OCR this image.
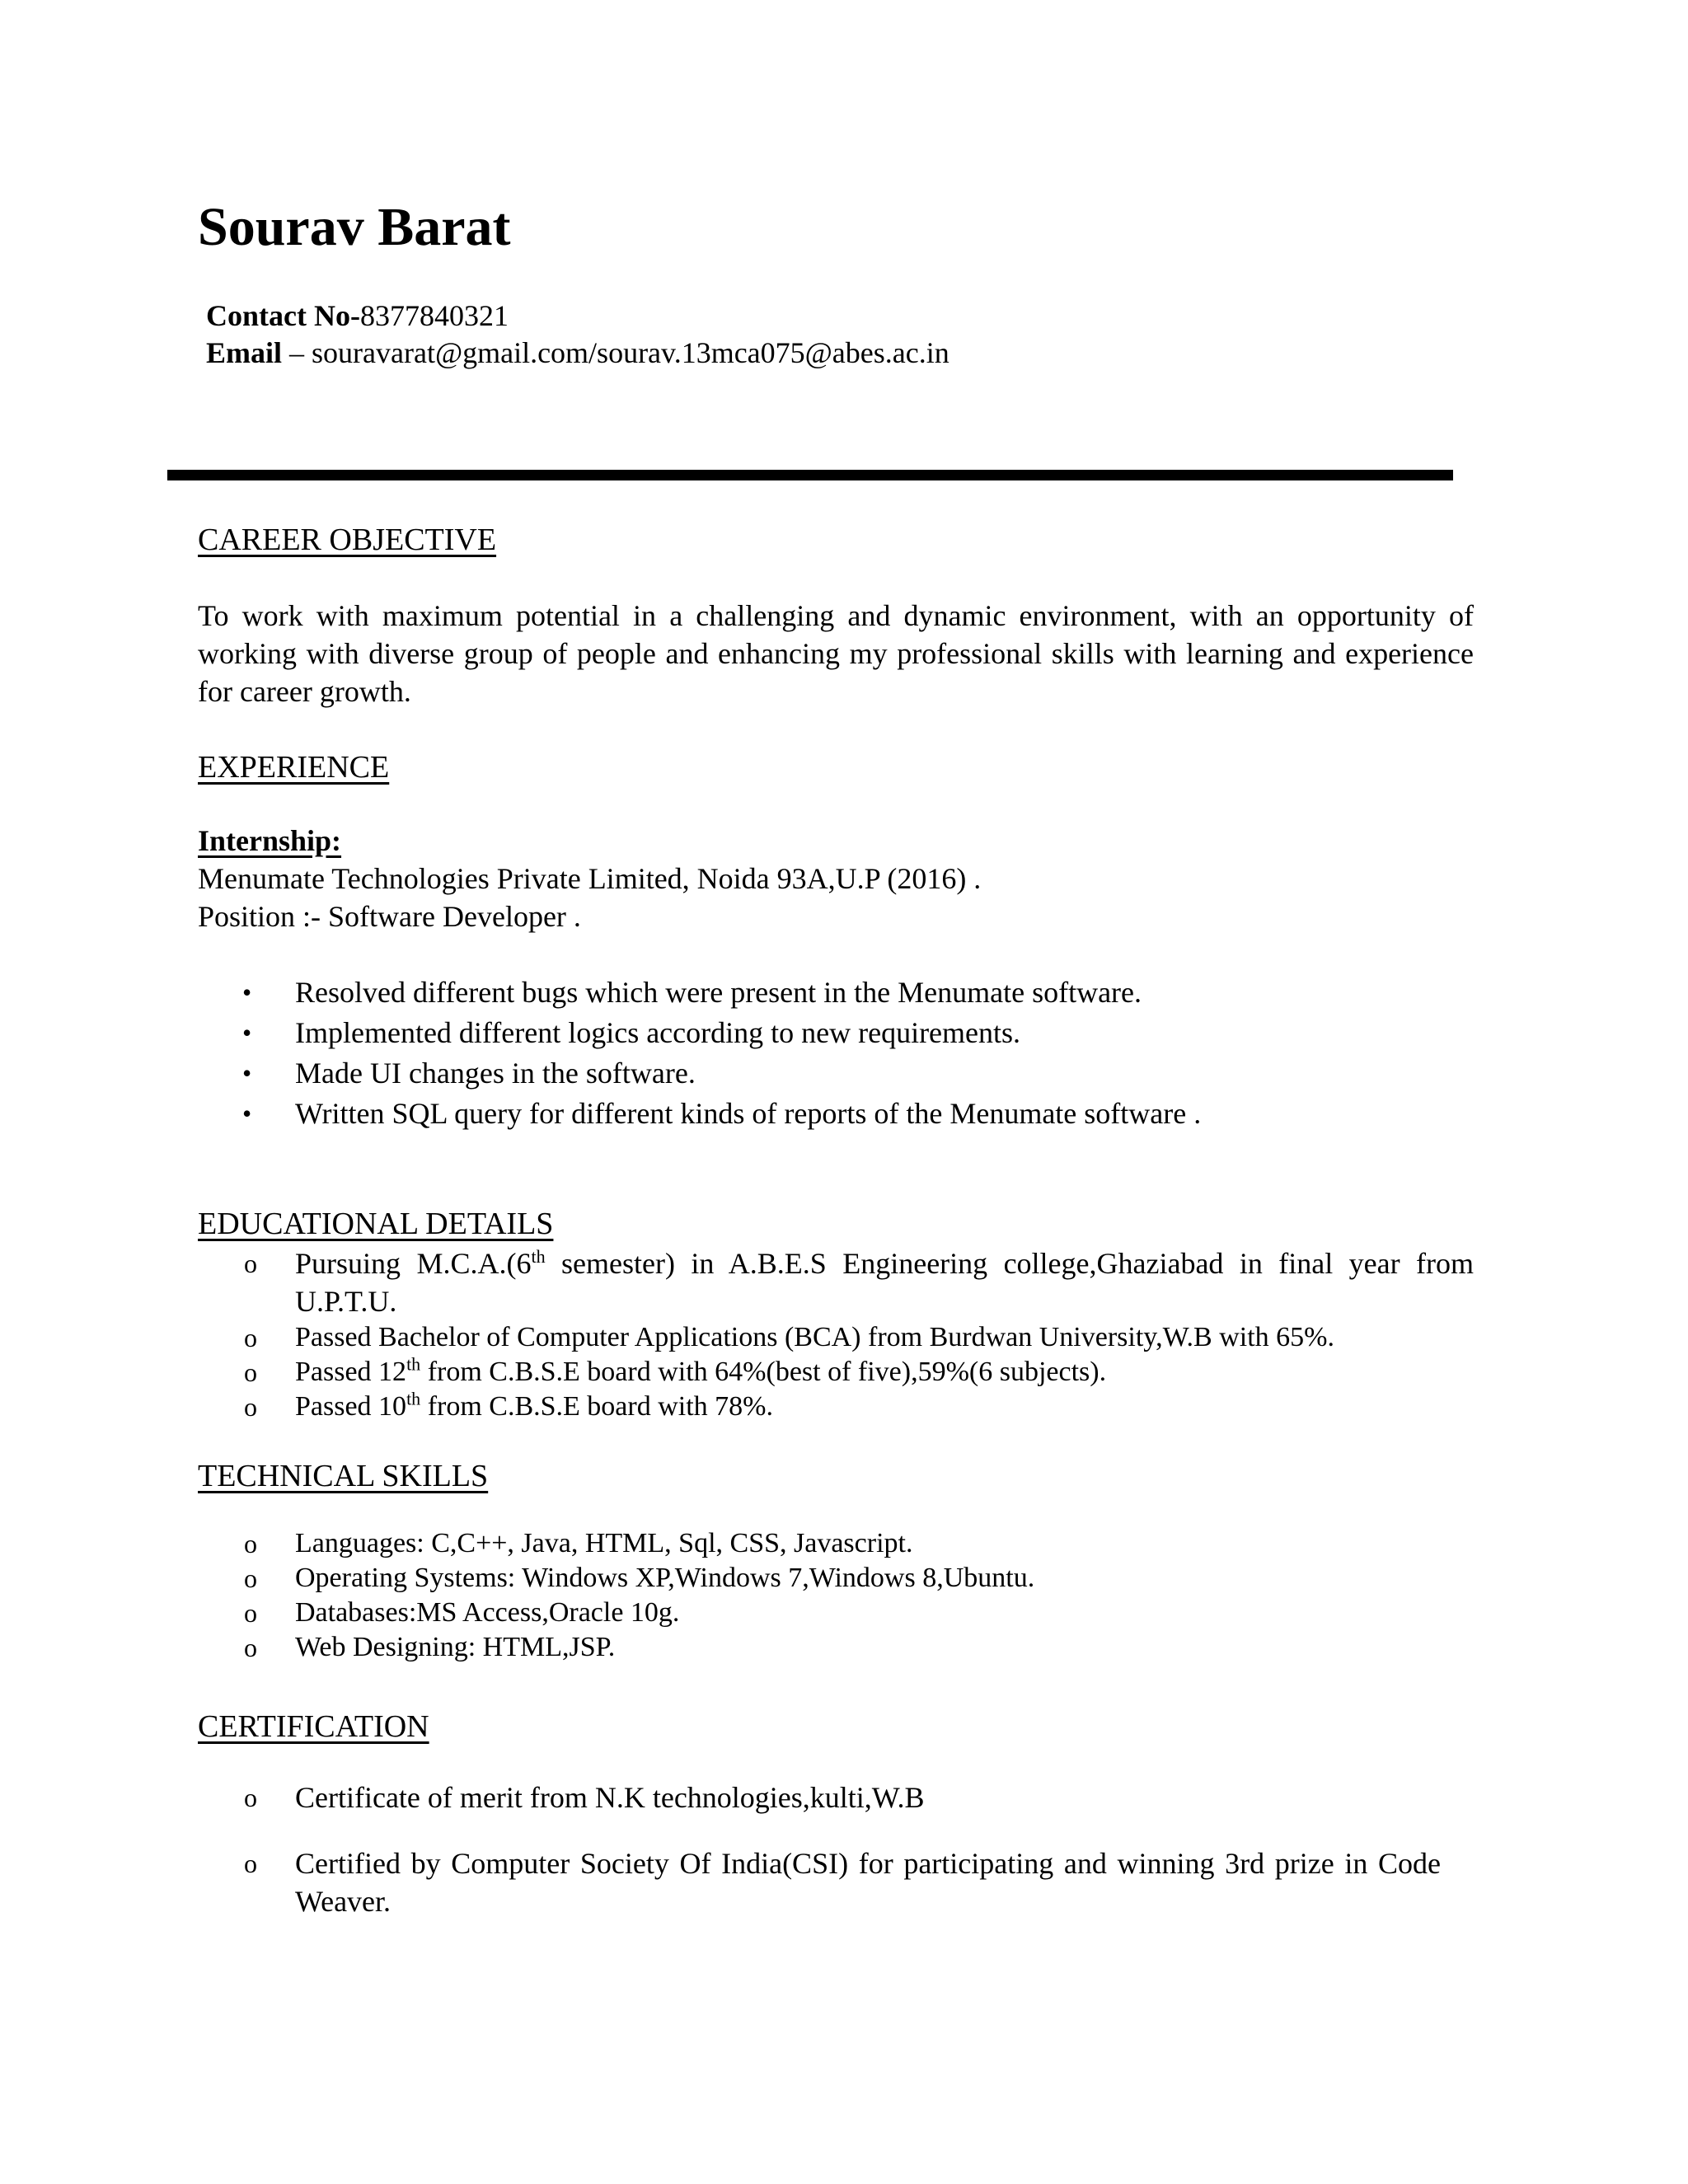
Sourav Barat
Contact No-8377840321
Email – souravarat@gmail.com/sourav.13mca075@abes.ac.in
CAREER OBJECTIVE
To work with maximum potential in a challenging and dynamic environment, with an opportunity of working with diverse group of people and enhancing my professional skills with learning and experience for career growth.
EXPERIENCE
Internship:
Menumate Technologies Private Limited, Noida 93A,U.P (2016) .
Position :- Software Developer .
• Resolved different bugs which were present in the Menumate software.
• Implemented different logics according to new requirements.
• Made UI changes in the software.
• Written SQL query for different kinds of reports of the Menumate software .
EDUCATIONAL DETAILS
o Pursuing M.C.A.(6th semester) in A.B.E.S Engineering college,Ghaziabad in final year from U.P.T.U.
o Passed Bachelor of Computer Applications (BCA) from Burdwan University,W.B with 65%.
o Passed 12th from C.B.S.E board with 64%(best of five),59%(6 subjects).
o Passed 10th from C.B.S.E board with 78%.
TECHNICAL SKILLS
o Languages: C,C++, Java, HTML, Sql, CSS, Javascript.
o Operating Systems: Windows XP,Windows 7,Windows 8,Ubuntu.
o Databases:MS Access,Oracle 10g.
o Web Designing: HTML,JSP.
CERTIFICATION
o Certificate of merit from N.K technologies,kulti,W.B
o Certified by Computer Society Of India(CSI) for participating and winning 3rd prize in Code Weaver.
